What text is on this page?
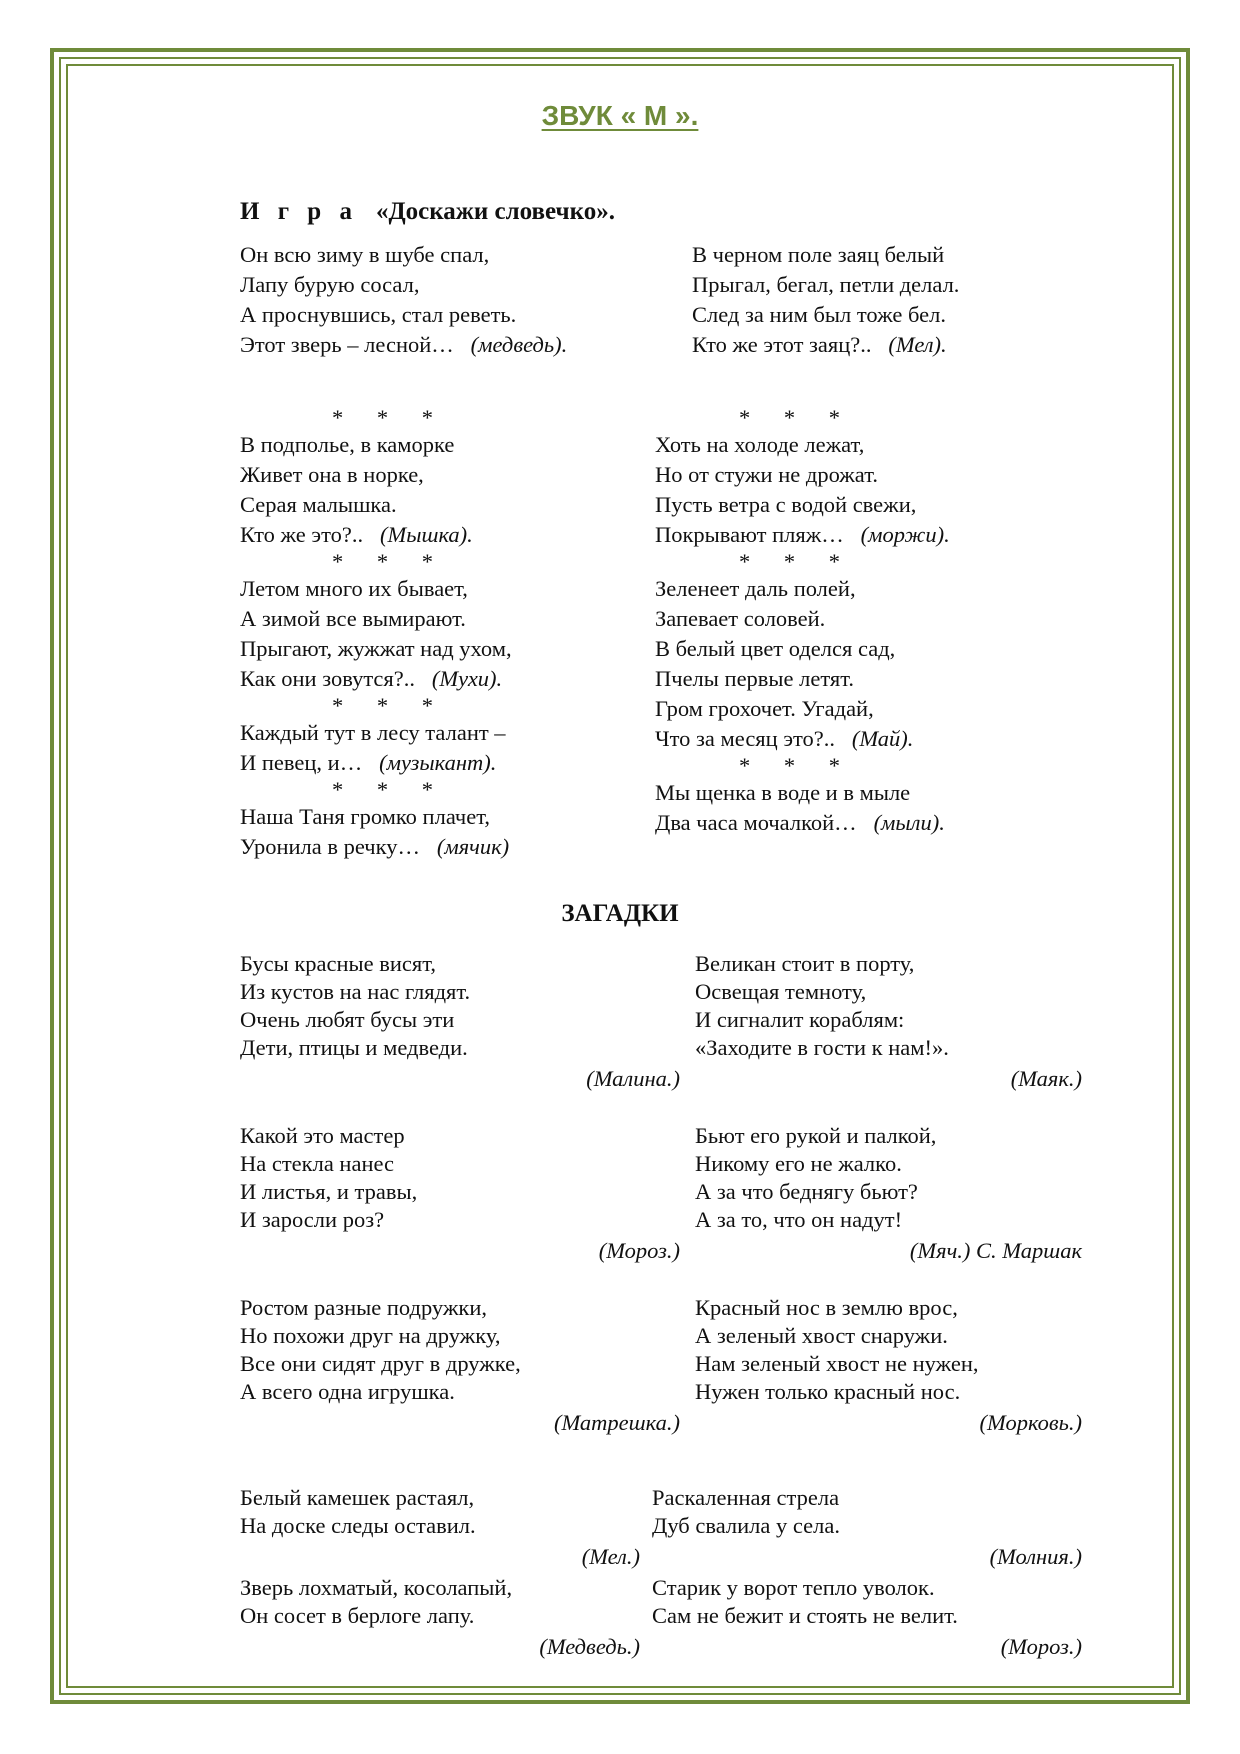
ЗВУК « М ».
И г р а «Доскажи словечко».
Он всю зиму в шубе спал,
Лапу бурую сосал,
А проснувшись, стал реветь.
Этот зверь – лесной… (медведь).
В черном поле заяц белый
Прыгал, бегал, петли делал.
След за ним был тоже бел.
Кто же этот заяц?.. (Мел).
* * *
В подполье, в каморке
Живет она в норке,
Серая малышка.
Кто же это?.. (Мышка).
* * *
Летом много их бывает,
А зимой все вымирают.
Прыгают, жужжат над ухом,
Как они зовутся?.. (Мухи).
* * *
Каждый тут в лесу талант –
И певец, и… (музыкант).
* * *
Наша Таня громко плачет,
Уронила в речку… (мячик)
* * *
Хоть на холоде лежат,
Но от стужи не дрожат.
Пусть ветра с водой свежи,
Покрывают пляж… (моржи).
* * *
Зеленеет даль полей,
Запевает соловей.
В белый цвет оделся сад,
Пчелы первые летят.
Гром грохочет. Угадай,
Что за месяц это?.. (Май).
* * *
Мы щенка в воде и в мыле
Два часа мочалкой… (мыли).
ЗАГАДКИ
Бусы красные висят,
Из кустов на нас глядят.
Очень любят бусы эти
Дети, птицы и медведи.
(Малина.)
Великан стоит в порту,
Освещая темноту,
И сигналит кораблям:
«Заходите в гости к нам!».
(Маяк.)
Какой это мастер
На стекла нанес
И листья, и травы,
И заросли роз?
(Мороз.)
Бьют его рукой и палкой,
Никому его не жалко.
А за что беднягу бьют?
А за то, что он надут!
(Мяч.) С. Маршак
Ростом разные подружки,
Но похожи друг на дружку,
Все они сидят друг в дружке,
А всего одна игрушка.
(Матрешка.)
Красный нос в землю врос,
А зеленый хвост снаружи.
Нам зеленый хвост не нужен,
Нужен только красный нос.
(Морковь.)
Белый камешек растаял,
На доске следы оставил.
(Мел.)
Раскаленная стрела
Дуб свалила у села.
(Молния.)
Зверь лохматый, косолапый,
Он сосет в берлоге лапу.
(Медведь.)
Старик у ворот тепло уволок.
Сам не бежит и стоять не велит.
(Мороз.)
